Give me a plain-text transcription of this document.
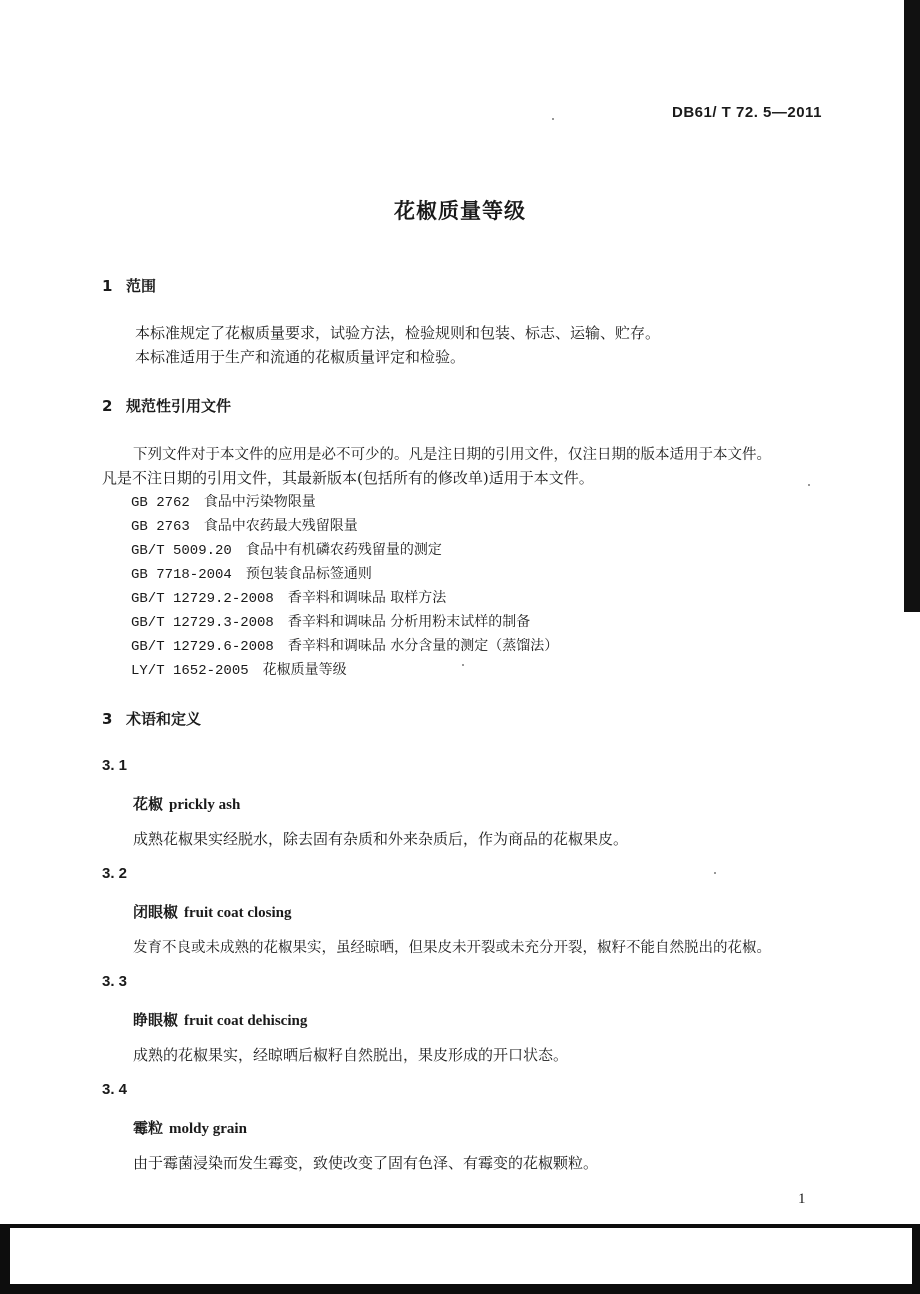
DB61/ T 72. 5—2011
花椒质量等级
1 范围
本标准规定了花椒质量要求，试验方法，检验规则和包装、标志、运输、贮存。
本标准适用于生产和流通的花椒质量评定和检验。
2 规范性引用文件
下列文件对于本文件的应用是必不可少的。凡是注日期的引用文件，仅注日期的版本适用于本文件。
凡是不注日期的引用文件，其最新版本(包括所有的修改单)适用于本文件。
GB 2762 食品中污染物限量
GB 2763 食品中农药最大残留限量
GB/T 5009.20 食品中有机磷农药残留量的测定
GB 7718-2004 预包装食品标签通则
GB/T 12729.2-2008 香辛料和调味品 取样方法
GB/T 12729.3-2008 香辛料和调味品 分析用粉末试样的制备
GB/T 12729.6-2008 香辛料和调味品 水分含量的测定（蒸馏法）
LY/T 1652-2005 花椒质量等级
3 术语和定义
3. 1
花椒 prickly ash
成熟花椒果实经脱水，除去固有杂质和外来杂质后，作为商品的花椒果皮。
3. 2
闭眼椒 fruit coat closing
发育不良或未成熟的花椒果实，虽经晾晒，但果皮未开裂或未充分开裂，椒籽不能自然脱出的花椒。
3. 3
睁眼椒 fruit coat dehiscing
成熟的花椒果实，经晾晒后椒籽自然脱出，果皮形成的开口状态。
3. 4
霉粒 moldy grain
由于霉菌浸染而发生霉变，致使改变了固有色泽、有霉变的花椒颗粒。
1
